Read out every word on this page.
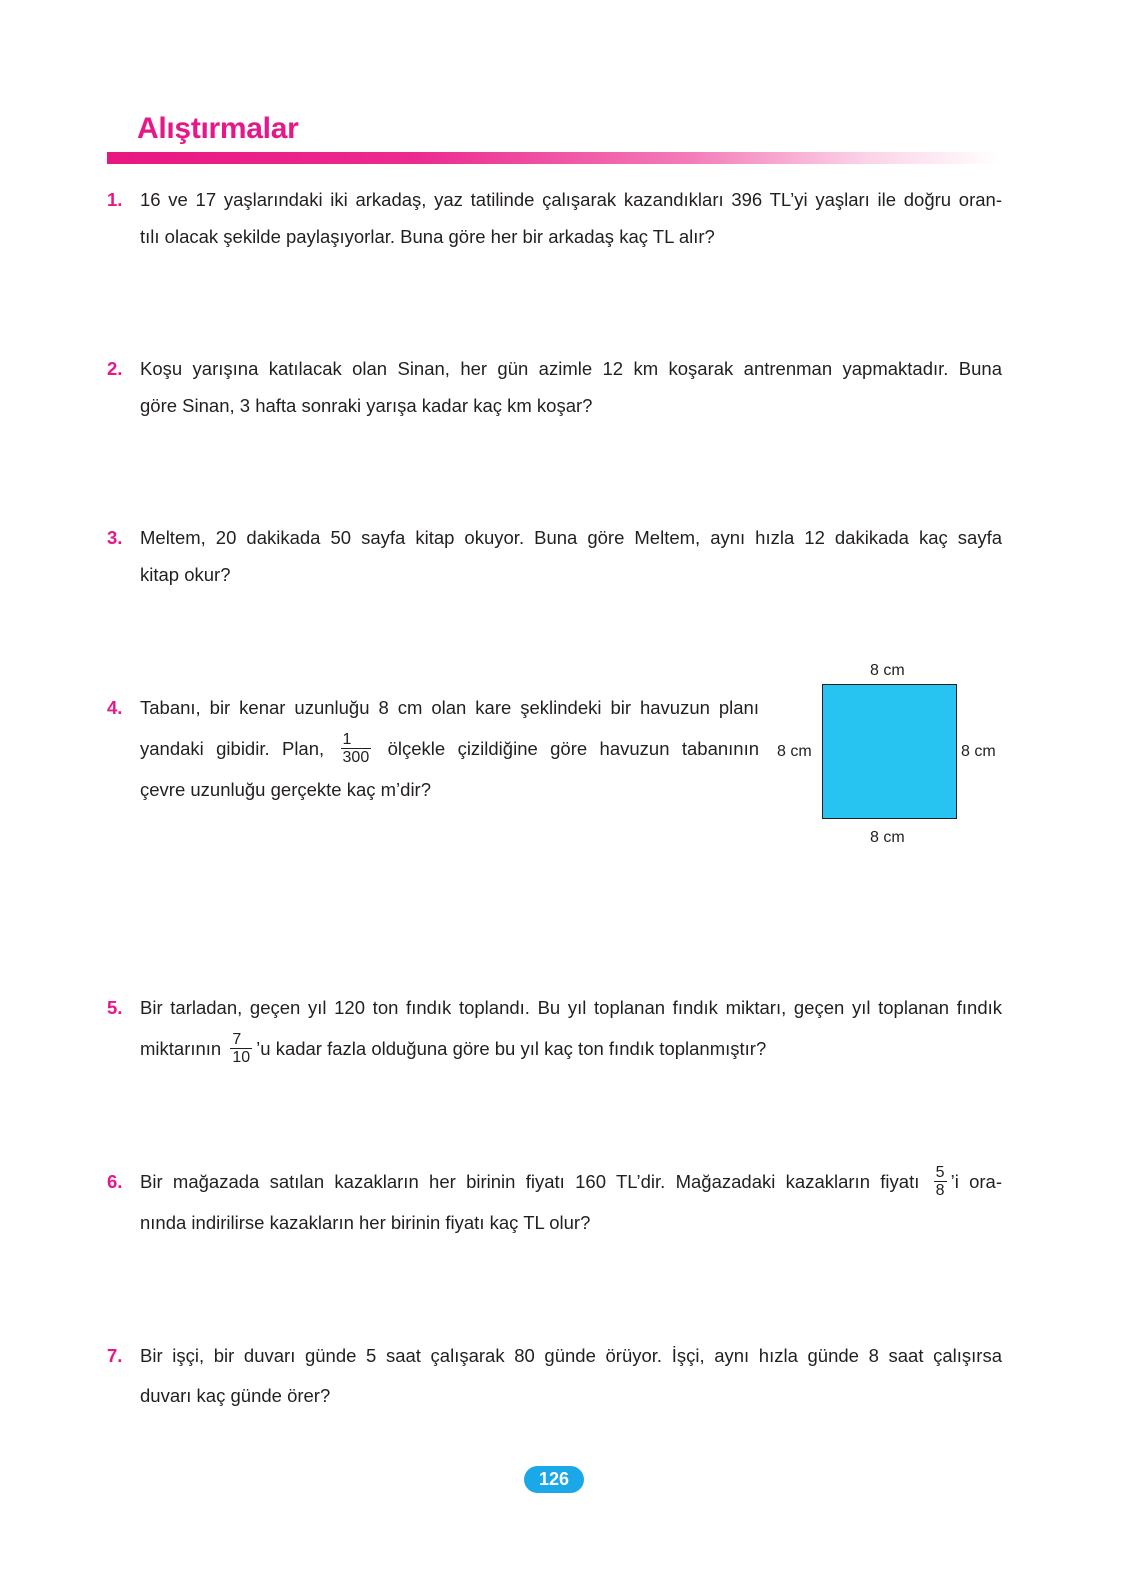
Alıştırmalar
1. 16 ve 17 yaşlarındaki iki arkadaş, yaz tatilinde çalışarak kazandıkları 396 TL’yi yaşları ile doğru oran-
tılı olacak şekilde paylaşıyorlar. Buna göre her bir arkadaş kaç TL alır?
2. Koşu yarışına katılacak olan Sinan, her gün azimle 12 km koşarak antrenman yapmaktadır. Buna
göre Sinan, 3 hafta sonraki yarışa kadar kaç km koşar?
3. Meltem, 20 dakikada 50 sayfa kitap okuyor. Buna göre Meltem, aynı hızla 12 dakikada kaç sayfa
kitap okur?
4. Tabanı, bir kenar uzunluğu 8 cm olan kare şeklindeki bir havuzun planı
yandaki gibidir. Plan, $\frac{1}{300}$ ölçekle çizildiğine göre havuzun tabanının
çevre uzunluğu gerçekte kaç m’dir?
8 cm
8 cm	8 cm
8 cm
5. Bir tarladan, geçen yıl 120 ton fındık toplandı. Bu yıl toplanan fındık miktarı, geçen yıl toplanan fındık
miktarının $\frac{7}{10}$ ’u kadar fazla olduğuna göre bu yıl kaç ton fındık toplanmıştır?
6. Bir mağazada satılan kazakların her birinin fiyatı 160 TL’dir. Mağazadaki kazakların fiyatı $\frac{5}{8}$ ’i ora-
nında indirilirse kazakların her birinin fiyatı kaç TL olur?
7. Bir işçi, bir duvarı günde 5 saat çalışarak 80 günde örüyor. İşçi, aynı hızla günde 8 saat çalışırsa
duvarı kaç günde örer?
126
